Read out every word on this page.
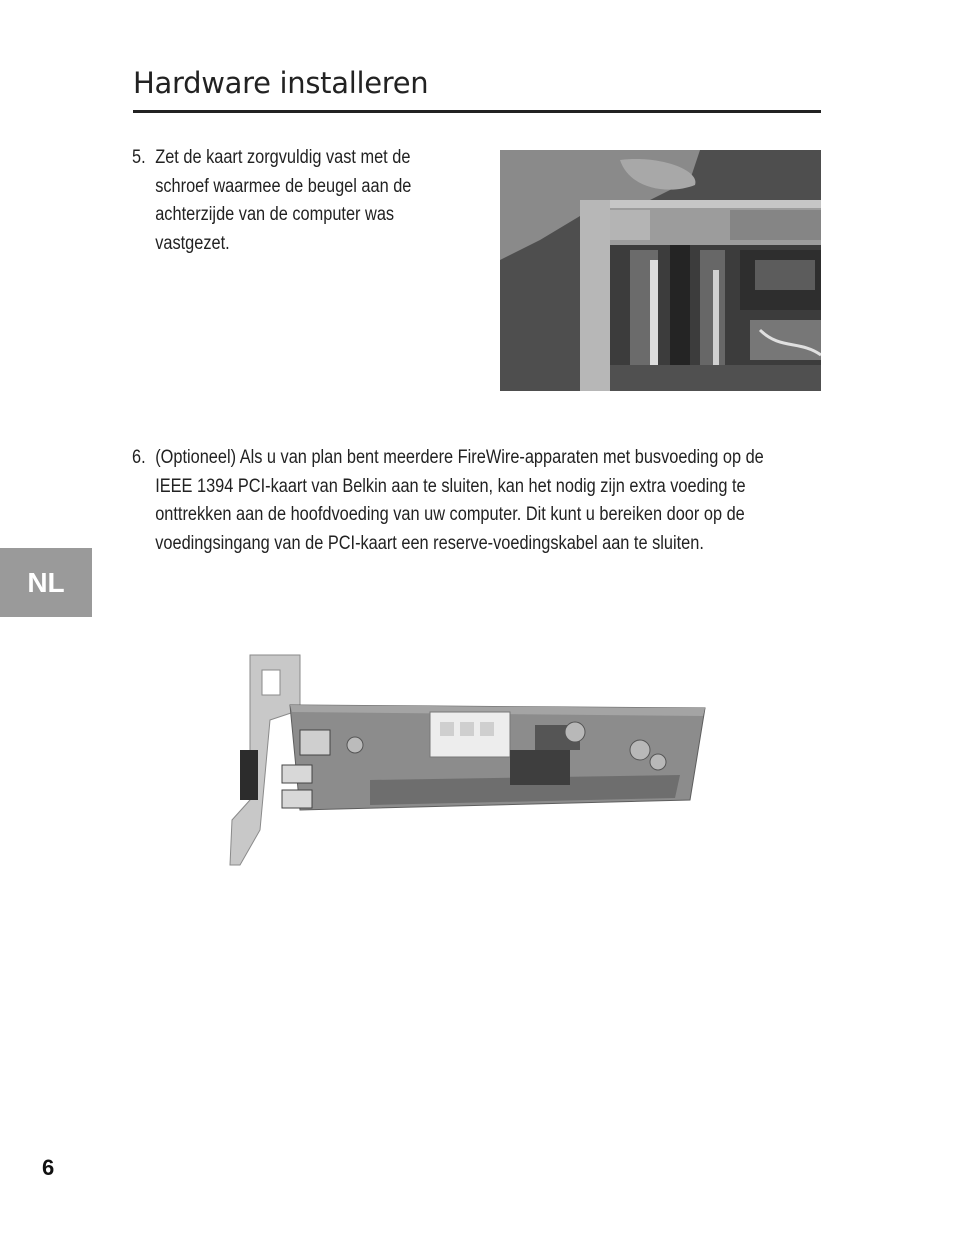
Hardware installeren
5. Zet de kaart zorgvuldig vast met de schroef waarmee de beugel aan de achterzijde van de computer was vastgezet.
6. (Optioneel) Als u van plan bent meerdere FireWire-apparaten met busvoeding op de IEEE 1394 PCI-kaart van Belkin aan te sluiten, kan het nodig zijn extra voeding te onttrekken aan de hoofdvoeding van uw computer. Dit kunt u bereiken door op de voedingsingang van de PCI-kaart een reserve-voedingskabel aan te sluiten.
NL
6
